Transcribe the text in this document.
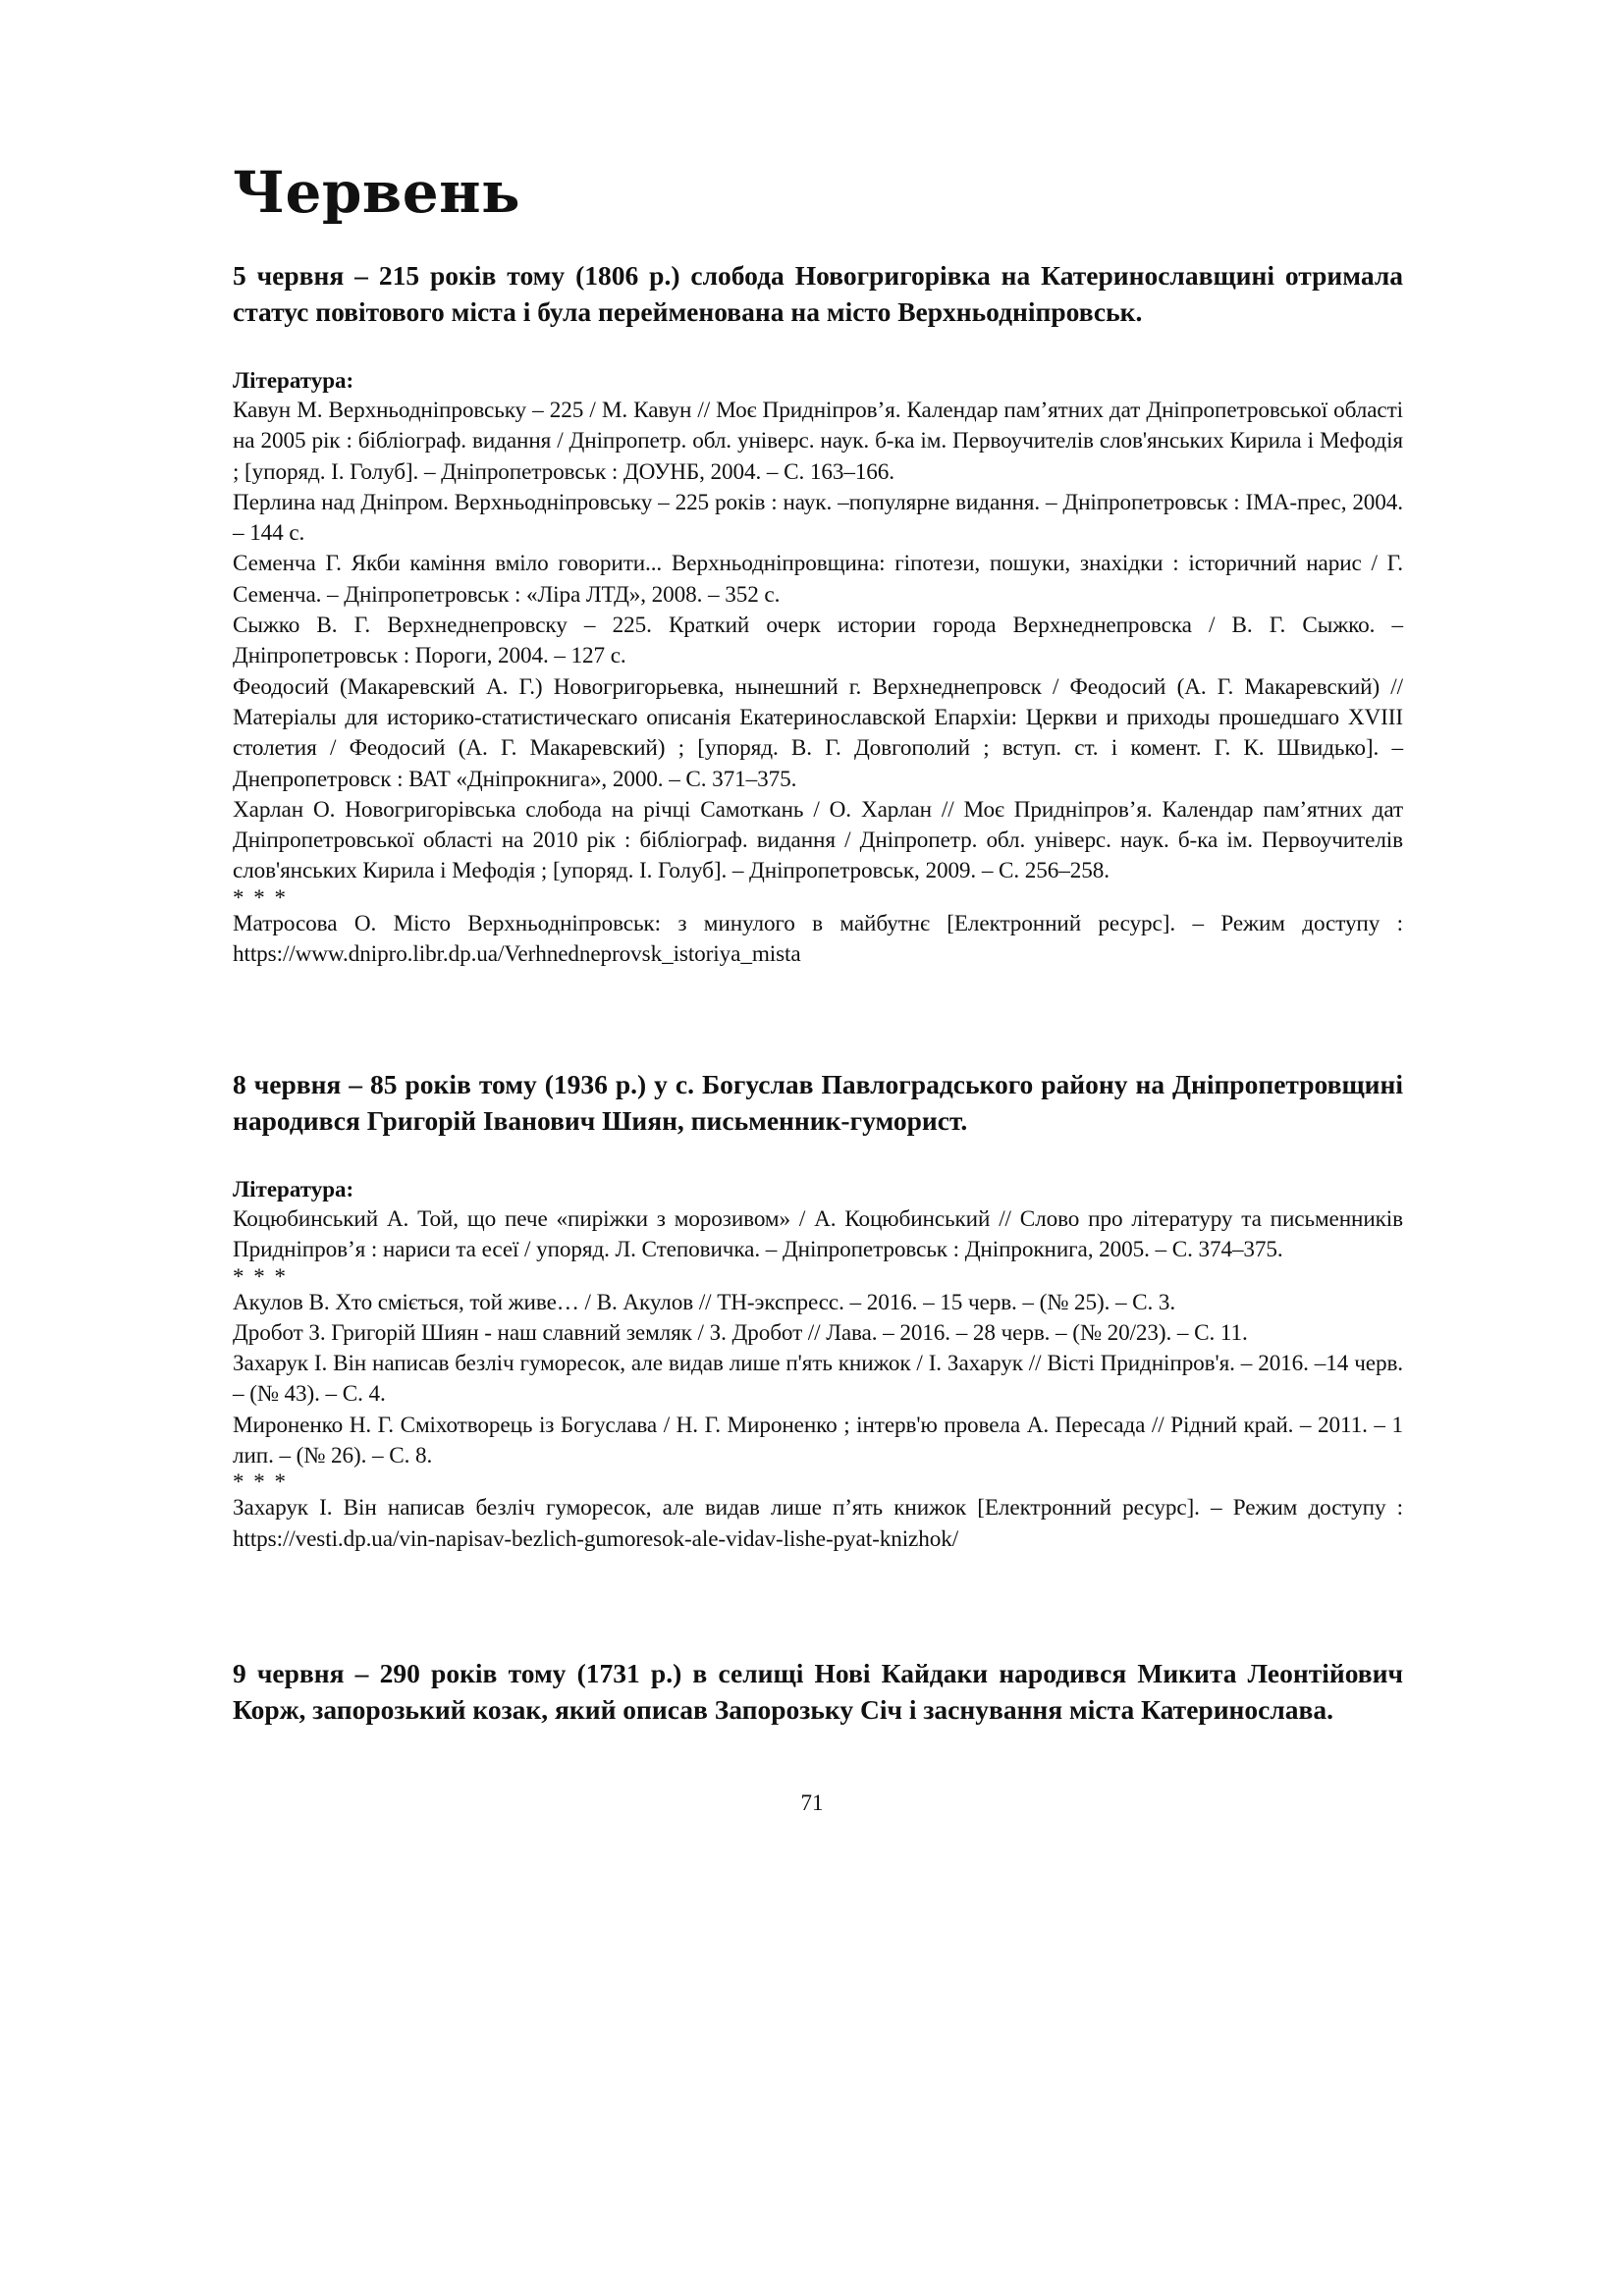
Червень

5 червня – 215 років тому (1806 р.) слобода Новогригорівка на Катеринославщині отримала статус повітового міста і була перейменована на місто Верхньодніпровськ.

Література:

Кавун М. Верхньодніпровську – 225 / М. Кавун // Моє Придніпров’я. Календар пам’ятних дат Дніпропетровської області на 2005 рік : бібліограф. видання / Дніпропетр. обл. універс. наук. б-ка ім. Первоучителів слов'янських Кирила і Мефодія ; [упоряд. І. Голуб]. – Дніпропетровськ : ДОУНБ, 2004. – С. 163–166.
Перлина над Дніпром. Верхньодніпровську – 225 років : наук. –популярне видання. – Дніпропетровськ : ІМА-прес, 2004. – 144 с.
Семенча Г. Якби каміння вміло говорити... Верхньодніпровщина: гіпотези, пошуки, знахідки : історичний нарис / Г. Семенча. – Дніпропетровськ : «Ліра ЛТД», 2008. – 352 с.
Сыжко В. Г. Верхнеднепровску – 225. Краткий очерк истории города Верхнеднепровска / В. Г. Сыжко. – Дніпропетровськ : Пороги, 2004. – 127 с.
Феодосий (Макаревский А. Г.) Новогригорьевка, нынешний г. Верхнеднепровск / Феодосий (А. Г. Макаревский) // Матеріалы для историко-статистическаго описанія Екатеринославской Епархіи: Церкви и приходы прошедшаго XVIII столетия / Феодосий (А. Г. Макаревский) ; [упоряд. В. Г. Довгополий ; вступ. ст. і комент. Г. К. Швидько]. – Днепропетровск : ВАТ «Дніпрокнига», 2000. – С. 371–375.
Харлан О. Новогригорівська слобода на річці Самоткань / О. Харлан // Моє Придніпров’я. Календар пам’ятних дат Дніпропетровської області на 2010 рік : бібліограф. видання / Дніпропетр. обл. універс. наук. б-ка ім. Первоучителів слов'янських Кирила і Мефодія ; [упоряд. І. Голуб]. – Дніпропетровськ, 2009. – С. 256–258.

* * *

Матросова О. Місто Верхньодніпровськ: з минулого в майбутнє [Електронний ресурс]. – Режим доступу : https://www.dnipro.libr.dp.ua/Verhnedneprovsk_istoriya_mista

8 червня – 85 років тому (1936 р.) у с. Богуслав Павлоградського району на Дніпропетровщині народився Григорій Іванович Шиян, письменник-гуморист.

Література:

Коцюбинський А. Той, що пече «пиріжки з морозивом» / А. Коцюбинський // Слово про літературу та письменників Придніпров’я : нариси та есеї / упоряд. Л. Степовичка. – Дніпропетровськ : Дніпрокнига, 2005. – С. 374–375.

* * *

Акулов В. Хто сміється, той живе… / В. Акулов // ТН-экспресс. – 2016. – 15 черв. – (№ 25). – С. 3.
Дробот З. Григорій Шиян - наш славний земляк / З. Дробот // Лава. – 2016. – 28 черв. – (№ 20/23). – С. 11.
Захарук І. Він написав безліч гуморесок, але видав лише п'ять книжок / І. Захарук // Вісті Придніпров'я. – 2016. –14 черв. – (№ 43). – С. 4.
Мироненко Н. Г. Сміхотворець із Богуслава / Н. Г. Мироненко ; інтерв'ю провела А. Пересада // Рідний край. – 2011. – 1 лип. – (№ 26). – С. 8.

* * *

Захарук І. Він написав безліч гуморесок, але видав лише п’ять книжок [Електронний ресурс]. – Режим доступу : https://vesti.dp.ua/vin-napisav-bezlich-gumoresok-ale-vidav-lishe-pyat-knizhok/

9 червня – 290 років тому (1731 р.) в селищі Нові Кайдаки народився Микита Леонтійович Корж, запорозький козак, який описав Запорозьку Січ і заснування міста Катеринослава.

71
